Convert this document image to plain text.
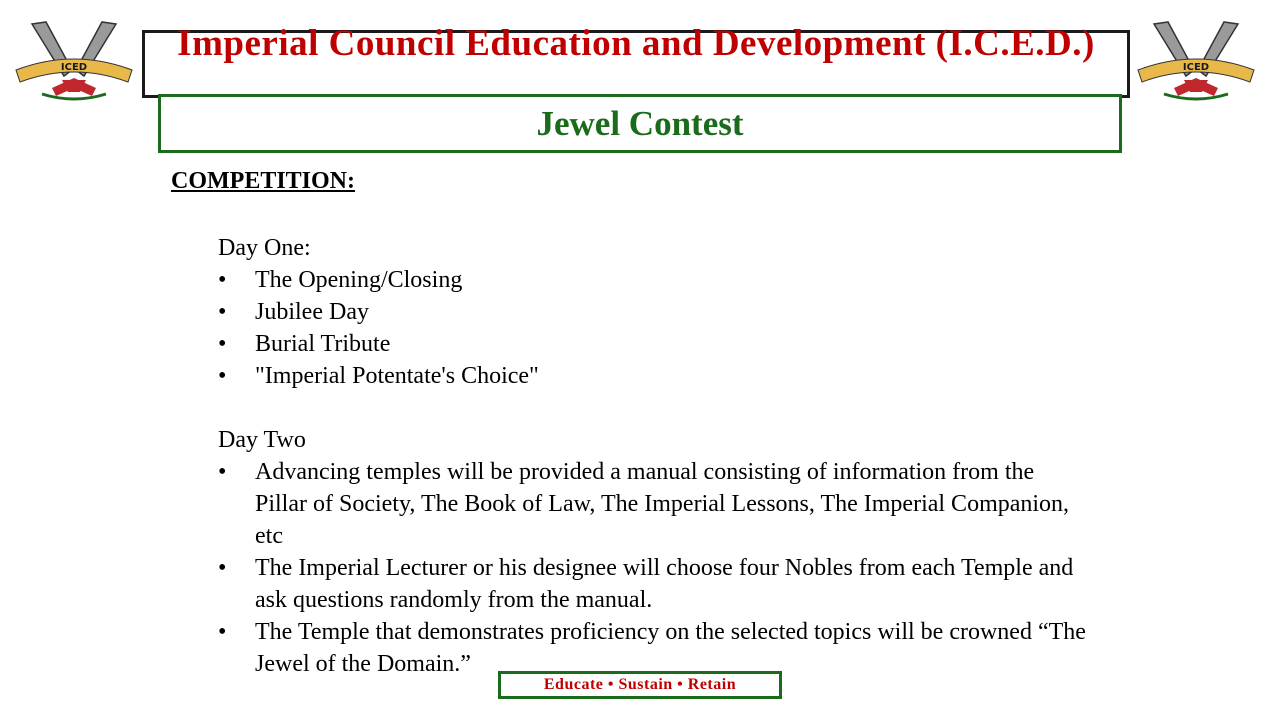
ICED	ICED
Imperial Council Education and Development (I.C.E.D.)
Jewel Contest
COMPETITION:
Day One:
• The Opening/Closing
• Jubilee Day
• Burial Tribute
• "Imperial Potentate's Choice"
Day Two
• Advancing temples will be provided a manual consisting of information from the Pillar of Society, The Book of Law, The Imperial Lessons, The Imperial Companion, etc
• The Imperial Lecturer or his designee will choose four Nobles from each Temple and ask questions randomly from the manual.
• The Temple that demonstrates proficiency on the selected topics will be crowned “The Jewel of the Domain.”
Educate • Sustain • Retain
